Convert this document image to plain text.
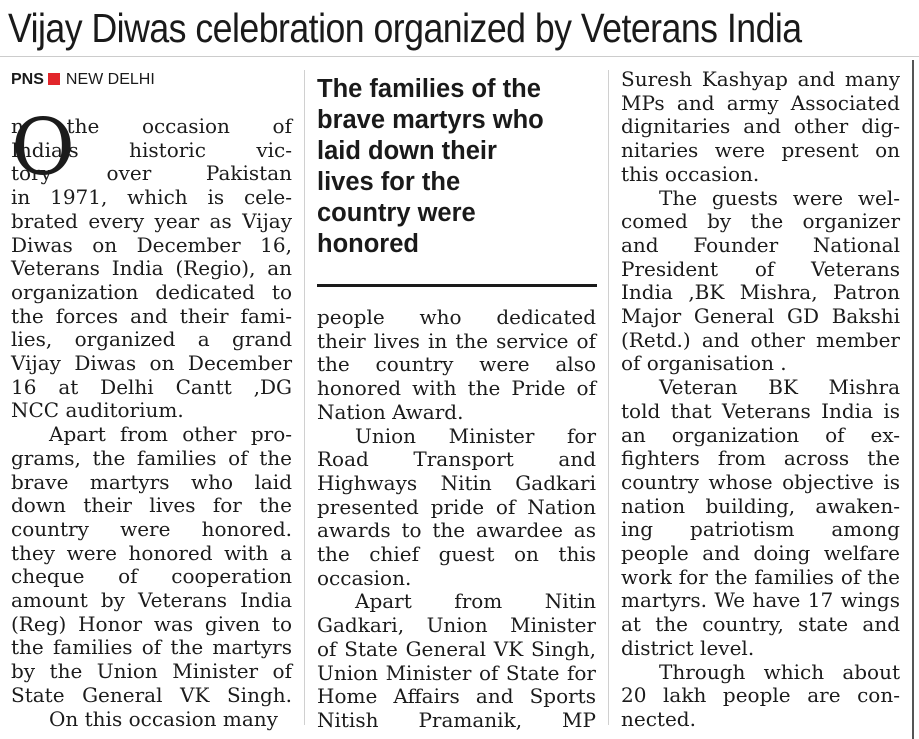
Vijay Diwas celebration organized by Veterans India
PNS NEW DELHI
O

n the occasion of

India's historic vic-

tory over Pakistan

in 1971, which is cele-

brated every year as Vijay

Diwas on December 16,

Veterans India (Regio), an

organization dedicated to

the forces and their fami-

lies, organized a grand

Vijay Diwas on December

16 at Delhi Cantt ,DG

NCC auditorium.

Apart from other pro-

grams, the families of the

brave martyrs who laid

down their lives for the

country were honored.

they were honored with a

cheque of cooperation

amount by Veterans India

(Reg) Honor was given to

the families of the martyrs

by the Union Minister of

State General VK Singh.

On this occasion many

The families of the
brave martyrs who
laid down their
lives for the
country were
honored

people who dedicated

their lives in the service of

the country were also

honored with the Pride of

Nation Award.

Union Minister for

Road Transport and

Highways Nitin Gadkari

presented pride of Nation

awards to the awardee as

the chief guest on this

occasion.

Apart from Nitin

Gadkari, Union Minister

of State General VK Singh,

Union Minister of State for

Home Affairs and Sports

Nitish Pramanik, MP

Suresh Kashyap and many

MPs and army Associated

dignitaries and other dig-

nitaries were present on

this occasion.

The guests were wel-

comed by the organizer

and Founder National

President of Veterans

India ,BK Mishra, Patron

Major General GD Bakshi

(Retd.) and other member

of organisation .

Veteran BK Mishra

told that Veterans India is

an organization of ex-

fighters from across the

country whose objective is

nation building, awaken-

ing patriotism among

people and doing welfare

work for the families of the

martyrs. We have 17 wings

at the country, state and

district level.

Through which about

20 lakh people are con-

nected.
